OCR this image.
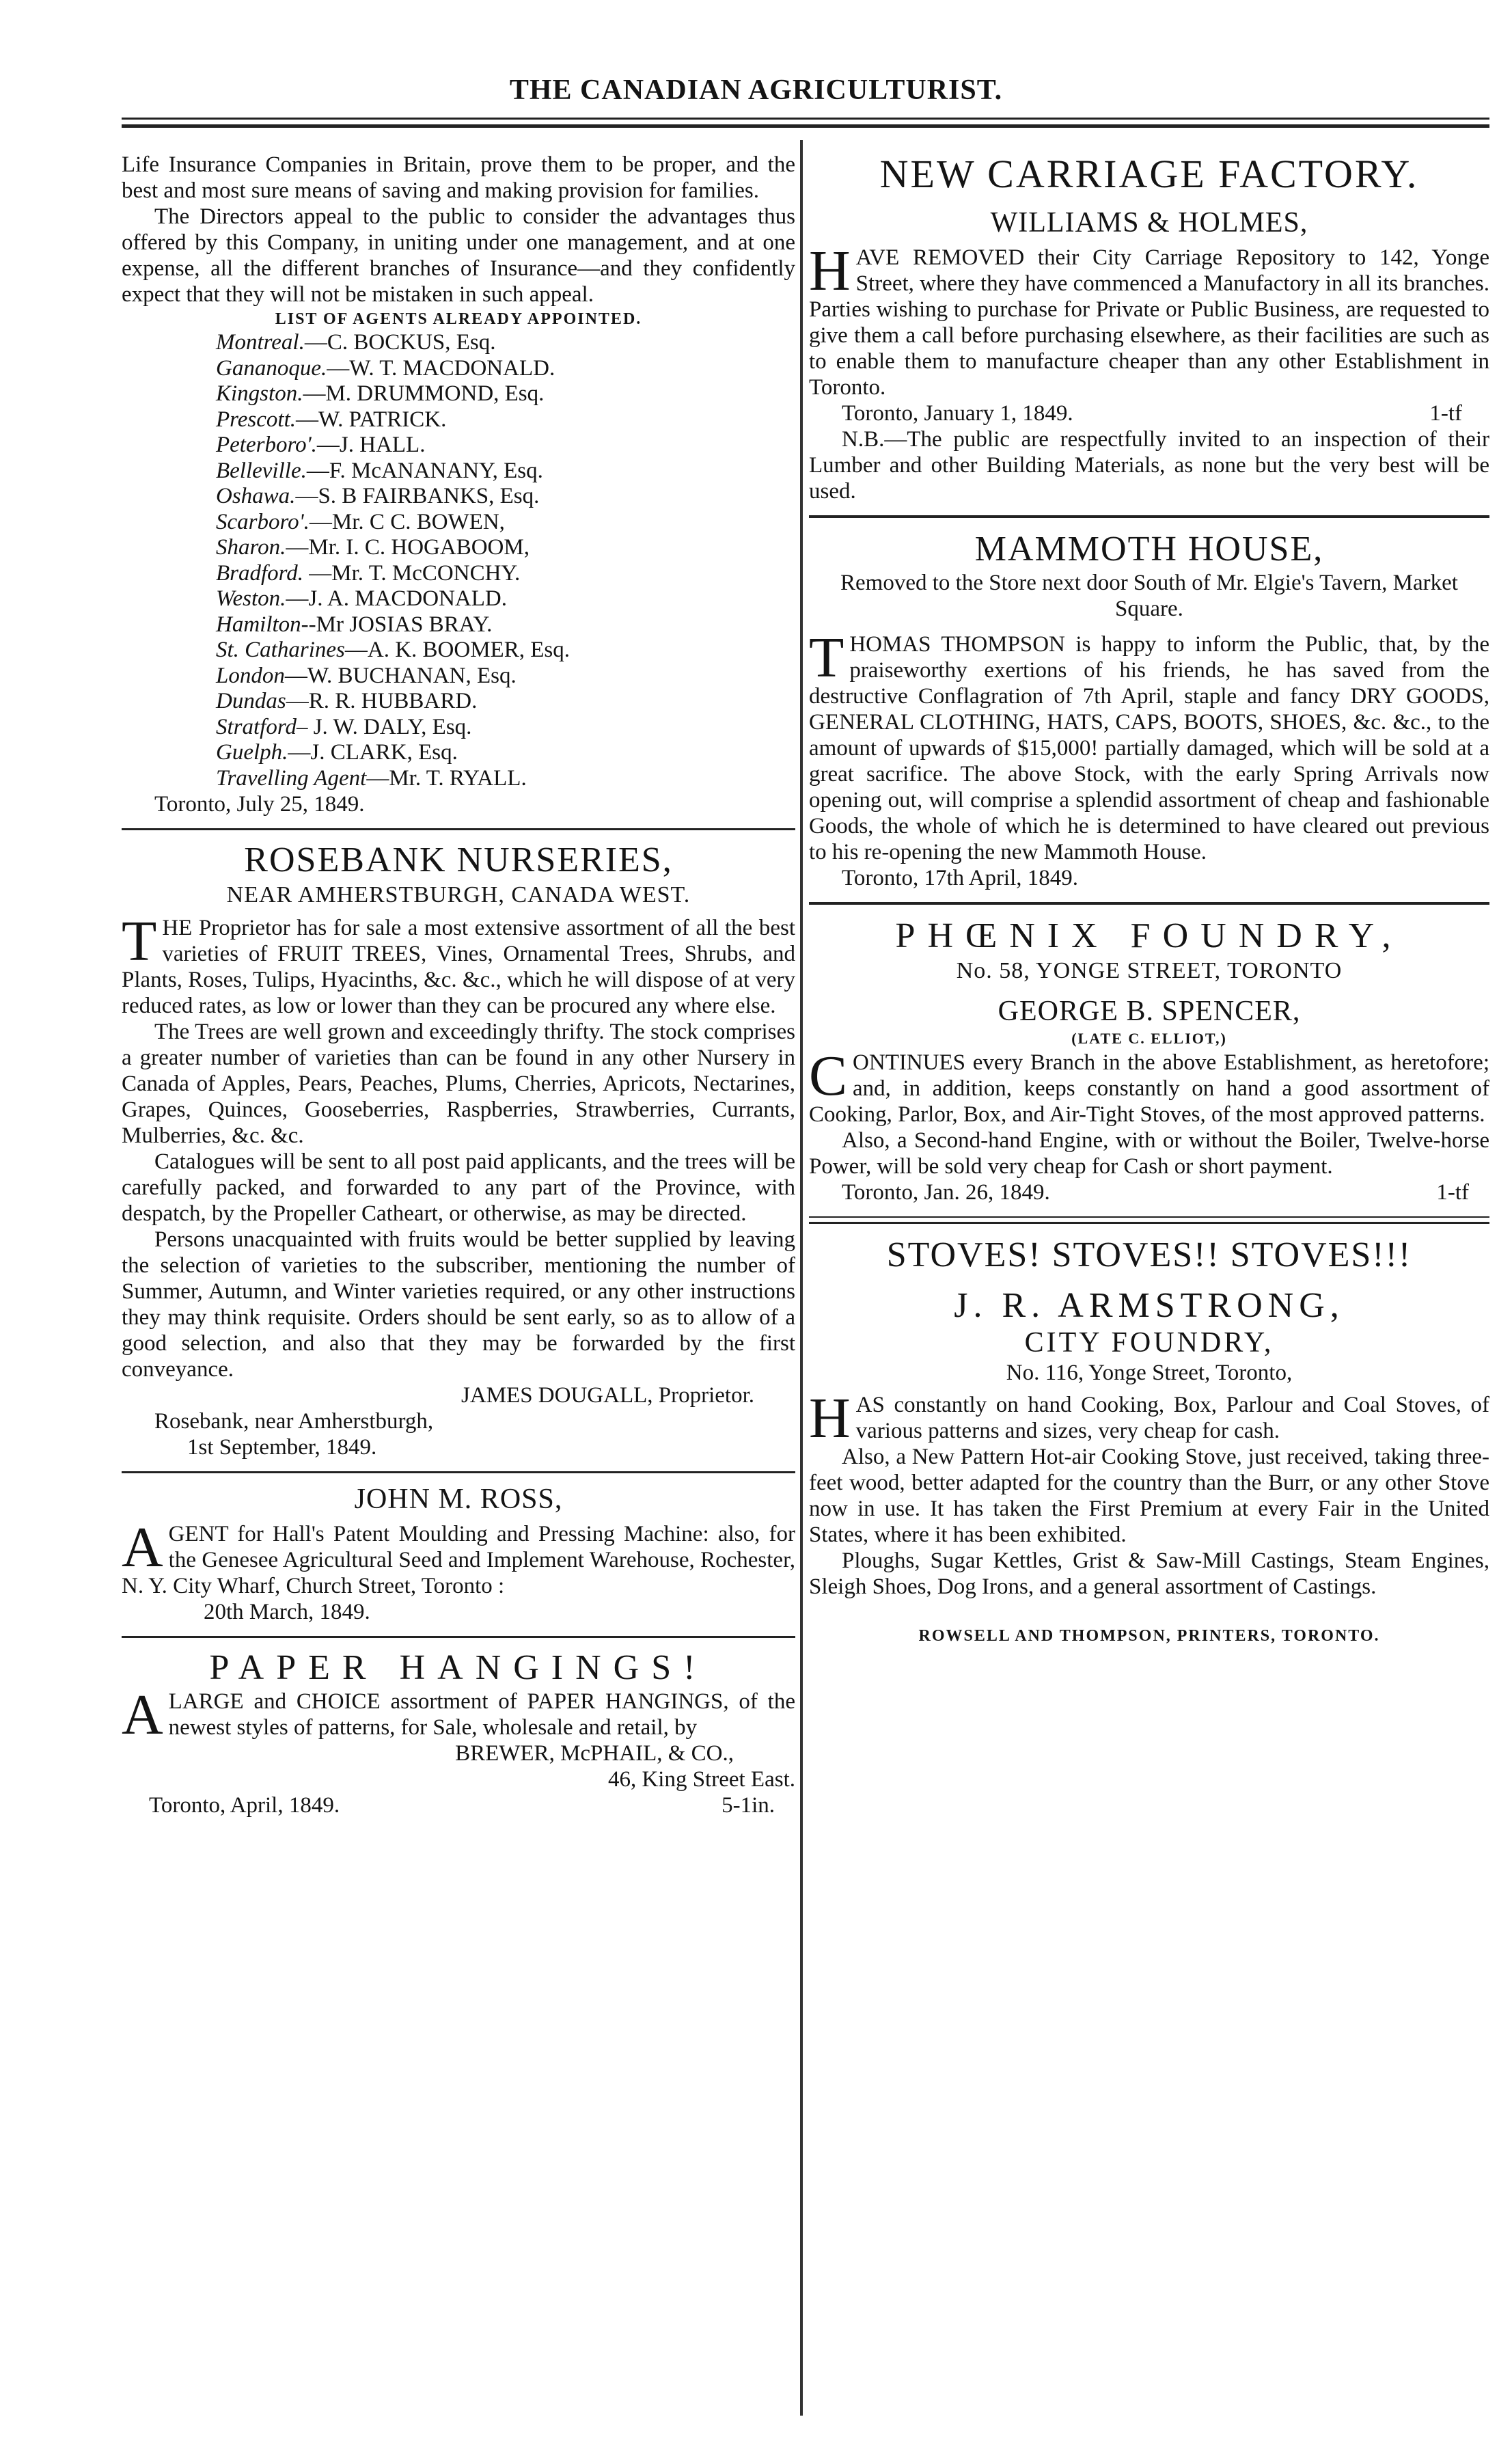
THE CANADIAN AGRICULTURIST.

Life Insurance Companies in Britain, prove them to be proper, and the best and most sure means of saving and making provision for families.

The Directors appeal to the public to consider the advantages thus offered by this Company, in uniting under one management, and at one expense, all the different branches of Insurance—and they confidently expect that they will not be mistaken in such appeal.

LIST OF AGENTS ALREADY APPOINTED.
Montreal.—C. BOCKUS, Esq.
Gananoque.—W. T. MACDONALD.
Kingston.—M. DRUMMOND, Esq.
Prescott.—W. PATRICK.
Peterboro'.—J. HALL.
Belleville.—F. McANANANY, Esq.
Oshawa.—S. B FAIRBANKS, Esq.
Scarboro'.—Mr. C C. BOWEN,
Sharon.—Mr. I. C. HOGABOOM,
Bradford. —Mr. T. McCONCHY.
Weston.—J. A. MACDONALD.
Hamilton--Mr JOSIAS BRAY.
St. Catharines—A. K. BOOMER, Esq.
London—W. BUCHANAN, Esq.
Dundas—R. R. HUBBARD.
Stratford– J. W. DALY, Esq.
Guelph.—J. CLARK, Esq.
Travelling Agent—Mr. T. RYALL.

Toronto, July 25, 1849.

ROSEBANK NURSERIES,
NEAR AMHERSTBURGH, CANADA WEST.

THE Proprietor has for sale a most extensive assortment of all the best varieties of FRUIT TREES, Vines, Ornamental Trees, Shrubs, and Plants, Roses, Tulips, Hyacinths, &c. &c., which he will dispose of at very reduced rates, as low or lower than they can be procured any where else.

The Trees are well grown and exceedingly thrifty. The stock comprises a greater number of varieties than can be found in any other Nursery in Canada of Apples, Pears, Peaches, Plums, Cherries, Apricots, Nectarines, Grapes, Quinces, Gooseberries, Raspberries, Strawberries, Currants, Mulberries, &c. &c.

Catalogues will be sent to all post paid applicants, and the trees will be carefully packed, and forwarded to any part of the Province, with despatch, by the Propeller Catheart, or otherwise, as may be directed.

Persons unacquainted with fruits would be better supplied by leaving the selection of varieties to the subscriber, mentioning the number of Summer, Autumn, and Winter varieties required, or any other instructions they may think requisite. Orders should be sent early, so as to allow of a good selection, and also that they may be forwarded by the first conveyance.

JAMES DOUGALL, Proprietor.

Rosebank, near Amherstburgh,

1st September, 1849.

JOHN M. ROSS,

AGENT for Hall's Patent Moulding and Pressing Machine: also, for the Genesee Agricultural Seed and Implement Warehouse, Rochester, N. Y. City Wharf, Church Street, Toronto :

20th March, 1849.

PAPER HANGINGS!

ALARGE and CHOICE assortment of PAPER HANGINGS, of the newest styles of patterns, for Sale, wholesale and retail, by

BREWER, McPHAIL, & CO.,

46, King Street East.

Toronto, April, 1849.	5-1in.
NEW CARRIAGE FACTORY.
WILLIAMS & HOLMES,

HAVE REMOVED their City Carriage Repository to 142, Yonge Street, where they have commenced a Manufactory in all its branches. Parties wishing to purchase for Private or Public Business, are requested to give them a call before purchasing elsewhere, as their facilities are such as to enable them to manufacture cheaper than any other Establishment in Toronto.

Toronto, January 1, 1849.	1-tf

N.B.—The public are respectfully invited to an inspection of their Lumber and other Building Materials, as none but the very best will be used.

MAMMOTH HOUSE,

Removed to the Store next door South of Mr. Elgie's Tavern, Market Square.

THOMAS THOMPSON is happy to inform the Public, that, by the praiseworthy exertions of his friends, he has saved from the destructive Conflagration of 7th April, staple and fancy DRY GOODS, GENERAL CLOTHING, HATS, CAPS, BOOTS, SHOES, &c. &c., to the amount of upwards of $15,000! partially damaged, which will be sold at a great sacrifice. The above Stock, with the early Spring Arrivals now opening out, will comprise a splendid assortment of cheap and fashionable Goods, the whole of which he is determined to have cleared out previous to his re-opening the new Mammoth House.

Toronto, 17th April, 1849.

PHŒNIX FOUNDRY,
No. 58, YONGE STREET, TORONTO
GEORGE B. SPENCER,
(LATE C. ELLIOT,)

CONTINUES every Branch in the above Establishment, as heretofore; and, in addition, keeps constantly on hand a good assortment of Cooking, Parlor, Box, and Air-Tight Stoves, of the most approved patterns.

Also, a Second-hand Engine, with or without the Boiler, Twelve-horse Power, will be sold very cheap for Cash or short payment.

Toronto, Jan. 26, 1849.	1-tf
STOVES! STOVES!! STOVES!!!
J. R. ARMSTRONG,
CITY FOUNDRY,
No. 116, Yonge Street, Toronto,

HAS constantly on hand Cooking, Box, Parlour and Coal Stoves, of various patterns and sizes, very cheap for cash.

Also, a New Pattern Hot-air Cooking Stove, just received, taking three-feet wood, better adapted for the country than the Burr, or any other Stove now in use. It has taken the First Premium at every Fair in the United States, where it has been exhibited.

Ploughs, Sugar Kettles, Grist & Saw-Mill Castings, Steam Engines, Sleigh Shoes, Dog Irons, and a general assortment of Castings.

ROWSELL AND THOMPSON, PRINTERS, TORONTO.
